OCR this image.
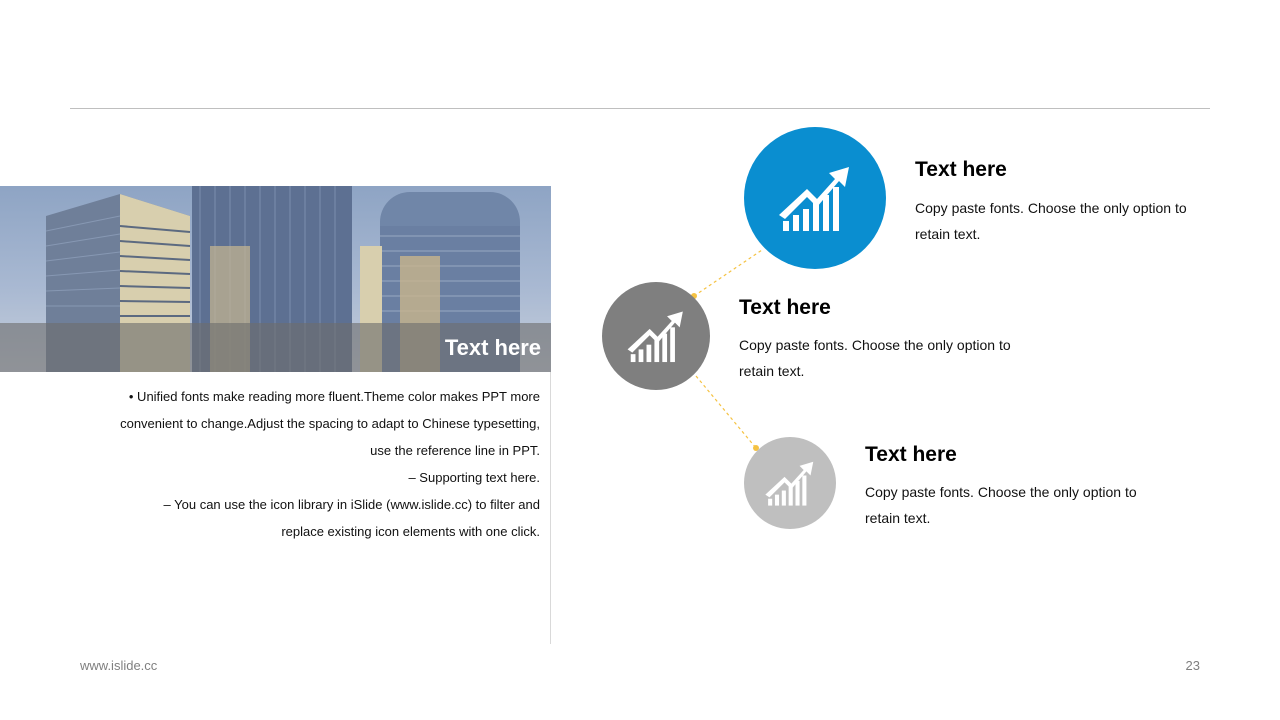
Text here
• Unified fonts make reading more fluent.Theme color makes PPT more
convenient to change.Adjust the spacing to adapt to Chinese typesetting,
use the reference line in PPT.
– Supporting text here.
– You can use the icon library in iSlide (www.islide.cc) to filter and
replace existing icon elements with one click.
Text here
Copy paste fonts. Choose the only option to
retain text.
Text here
Copy paste fonts. Choose the only option to
retain text.
Text here
Copy paste fonts. Choose the only option to
retain text.
www.islide.cc	23
